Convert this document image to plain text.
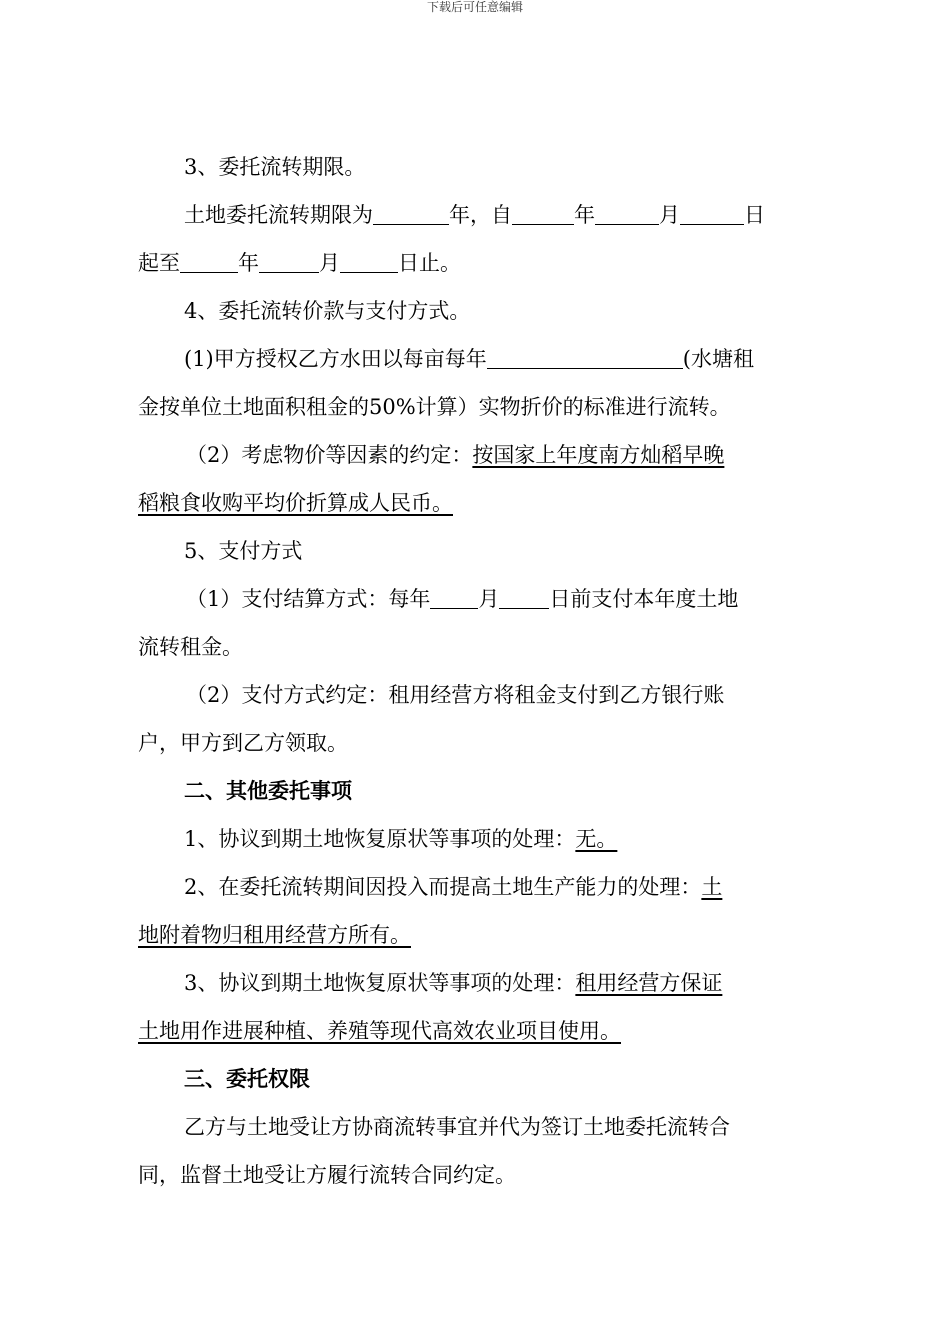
下载后可任意编辑

3、委托流转期限。

土地委托流转期限为	年，自	年	月	日

起至	年	月	日止。

4、委托流转价款与支付方式。

(1)甲方授权乙方水田以每亩每年	(水塘租

金按单位土地面积租金的50%计算）实物折价的标准进行流转。

（2）考虑物价等因素的约定：按国家上年度南方灿稻早晚

稻粮食收购平均价折算成人民币。

5、支付方式

（1）支付结算方式：每年 月 日前支付本年度土地

流转租金。

（2）支付方式约定：租用经营方将租金支付到乙方银行账

户，甲方到乙方领取。

二、其他委托事项

1、协议到期土地恢复原状等事项的处理：无。

2、在委托流转期间因投入而提高土地生产能力的处理：土

地附着物归租用经营方所有。

3、协议到期土地恢复原状等事项的处理：租用经营方保证

土地用作进展种植、养殖等现代高效农业项目使用。

三、委托权限

乙方与土地受让方协商流转事宜并代为签订土地委托流转合

同，监督土地受让方履行流转合同约定。
